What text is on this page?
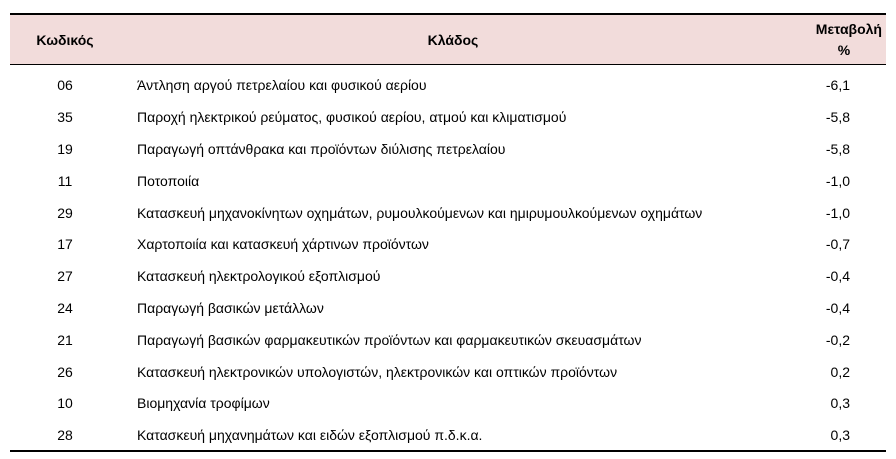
Κωδικός	Κλάδος	Μεταβολή
%

06	Άντληση αργού πετρελαίου και φυσικού αερίου	-6,1
35	Παροχή ηλεκτρικού ρεύματος, φυσικού αερίου, ατμού και κλιματισμού	-5,8
19	Παραγωγή οπτάνθρακα και προϊόντων διύλισης πετρελαίου	-5,8
11	Ποτοποιία	-1,0
29	Κατασκευή μηχανοκίνητων οχημάτων, ρυμουλκούμενων και ημιρυμουλκούμενων οχημάτων	-1,0
17	Χαρτοποιία και κατασκευή χάρτινων προϊόντων	-0,7
27	Κατασκευή ηλεκτρολογικού εξοπλισμού	-0,4
24	Παραγωγή βασικών μετάλλων	-0,4
21	Παραγωγή βασικών φαρμακευτικών προϊόντων και φαρμακευτικών σκευασμάτων	-0,2
26	Κατασκευή ηλεκτρονικών υπολογιστών, ηλεκτρονικών και οπτικών προϊόντων	0,2
10	Βιομηχανία τροφίμων	0,3
28	Κατασκευή μηχανημάτων και ειδών εξοπλισμού π.δ.κ.α.	0,3
